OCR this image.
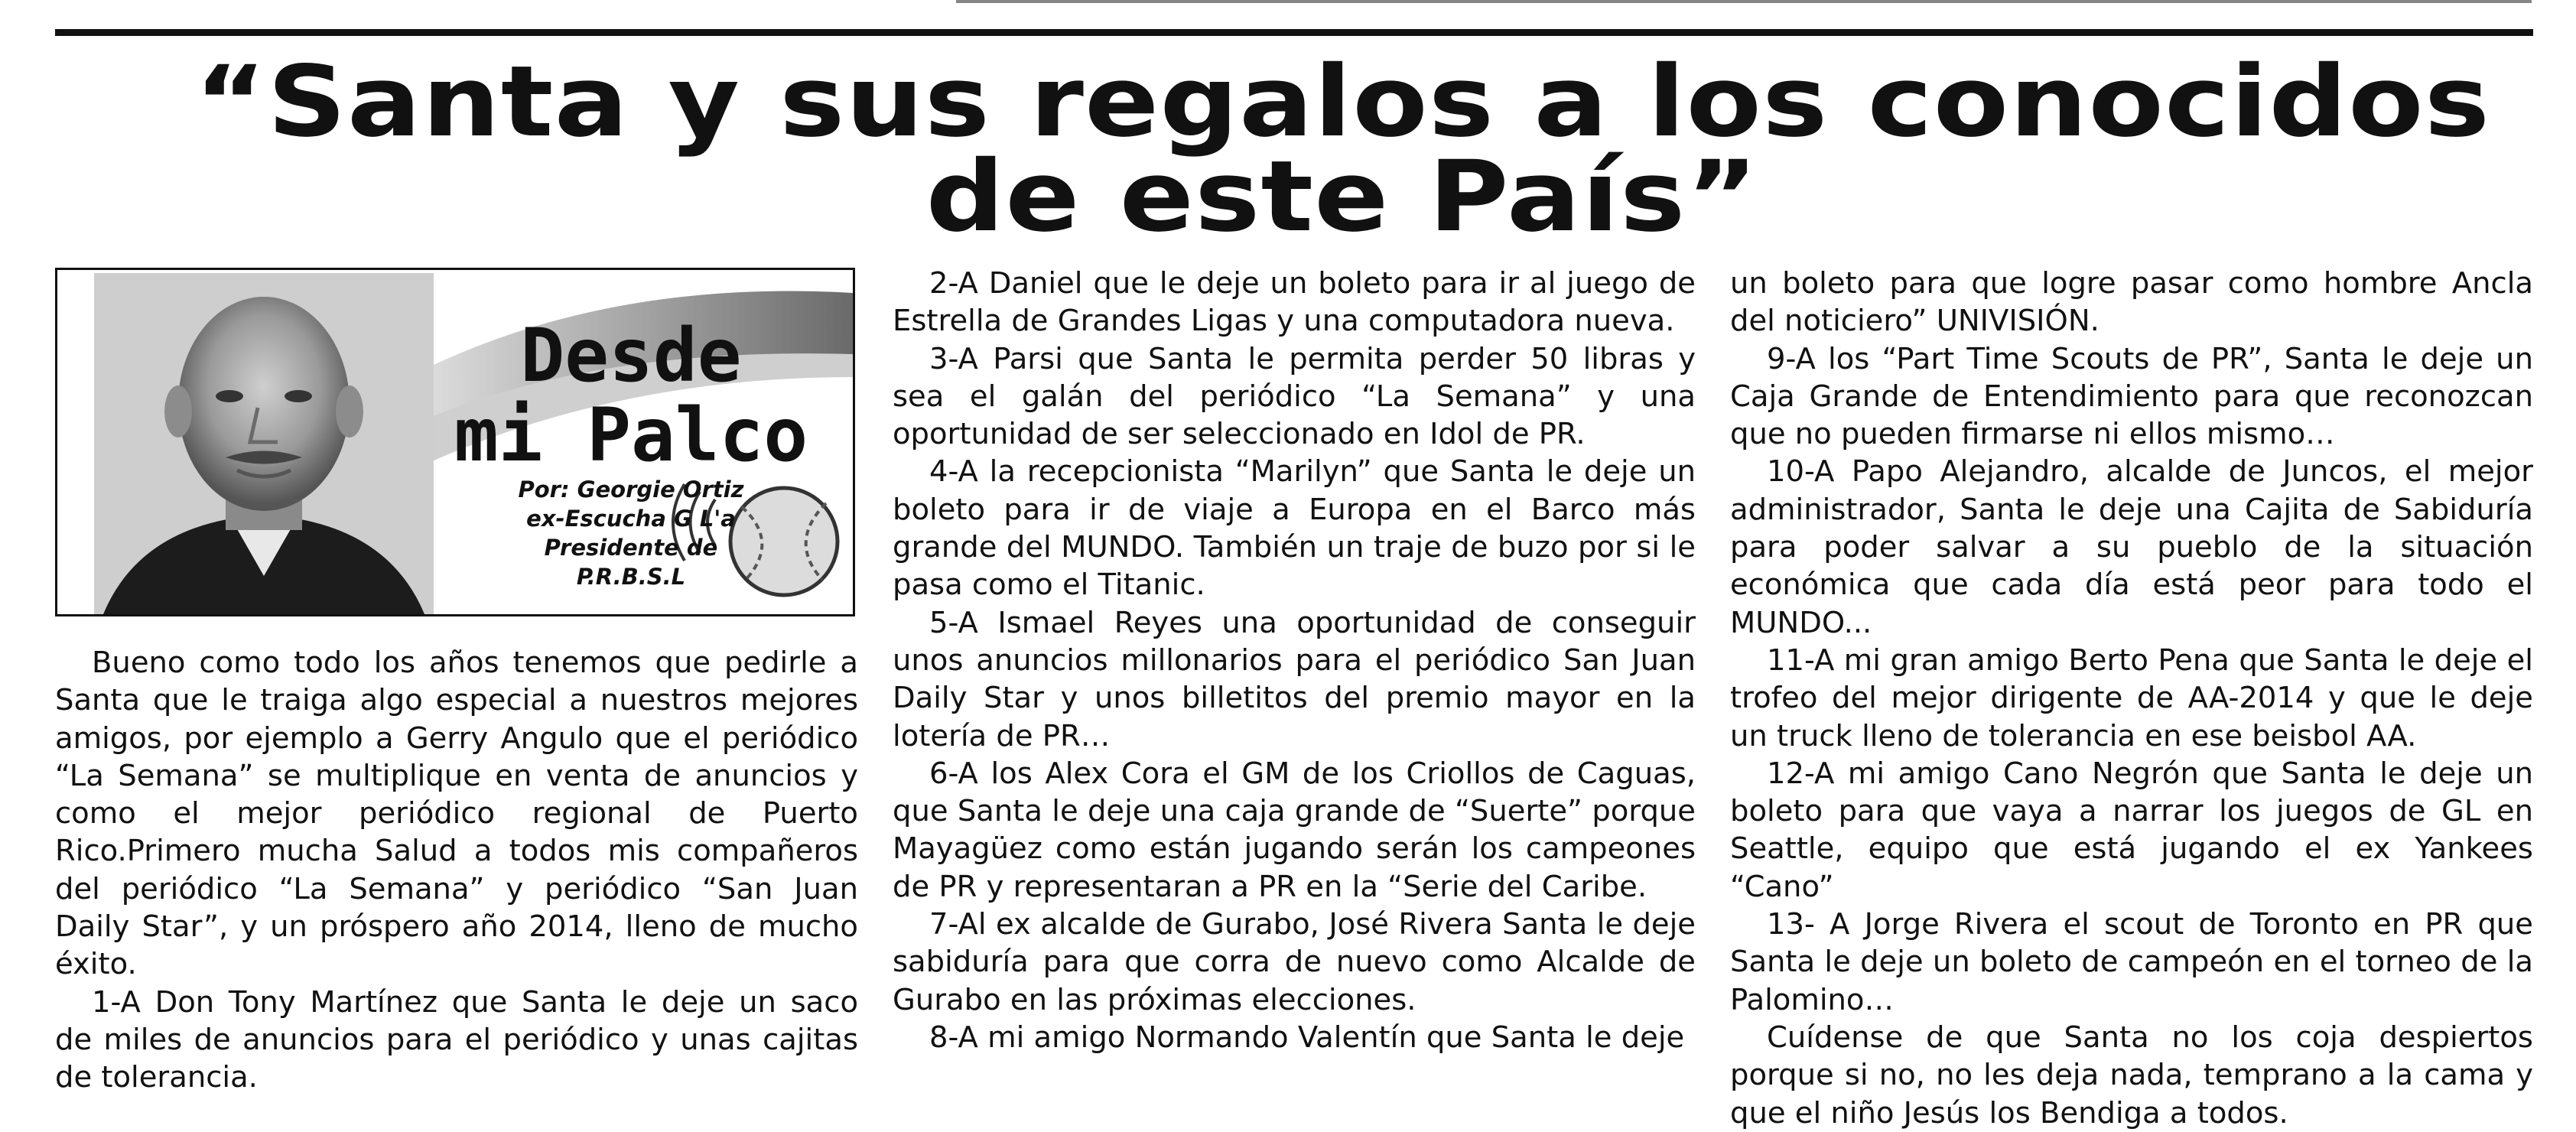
“Santa y sus regalos a los conocidos
de este País”
Desde
mi Palco
Por: Georgie Ortiz
ex-Escucha G L'a
Presidente de
P.R.B.S.L

Bueno como todo los años tenemos que pedirle a Santa que le traiga algo especial a nuestros mejores amigos, por ejemplo a Gerry Angulo que el periódico “La Semana” se multiplique en venta de anuncios y como el mejor periódico regional de Puerto Rico.Primero mucha Salud a todos mis compañeros del periódico “La Semana” y periódico “San Juan Daily Star”, y un próspero año 2014, lleno de mucho éxito.

1-A Don Tony Martínez que Santa le deje un saco de miles de anuncios para el periódico y unas cajitas de tolerancia.

2-A Daniel que le deje un boleto para ir al juego de Estrella de Grandes Ligas y una computadora nueva.

3-A Parsi que Santa le permita perder 50 libras y sea el galán del periódico “La Semana” y una oportunidad de ser seleccionado en Idol de PR.

4-A la recepcionista “Marilyn” que Santa le deje un boleto para ir de viaje a Europa en el Barco más grande del MUNDO. También un traje de buzo por si le pasa como el Titanic.

5-A Ismael Reyes una oportunidad de conseguir unos anuncios millonarios para el periódico San Juan Daily Star y unos billetitos del premio mayor en la lotería de PR…

6-A los Alex Cora el GM de los Criollos de Caguas, que Santa le deje una caja grande de “Suerte” porque Mayagüez como están jugando serán los campeones de PR y representaran a PR en la “Serie del Caribe.

7-Al ex alcalde de Gurabo, José Rivera Santa le deje sabiduría para que corra de nuevo como Alcalde de Gurabo en las próximas elecciones.

8-A mi amigo Normando Valentín que Santa le deje

un boleto para que logre pasar como hombre Ancla del noticiero” UNIVISIÓN.

9-A los “Part Time Scouts de PR”, Santa le deje un Caja Grande de Entendimiento para que reconozcan que no pueden firmarse ni ellos mismo…

10-A Papo Alejandro, alcalde de Juncos, el mejor administrador, Santa le deje una Cajita de Sabiduría para poder salvar a su pueblo de la situación económica que cada día está peor para todo el MUNDO...

11-A mi gran amigo Berto Pena que Santa le deje el trofeo del mejor dirigente de AA-2014 y que le deje un truck lleno de tolerancia en ese beisbol AA.

12-A mi amigo Cano Negrón que Santa le deje un boleto para que vaya a narrar los juegos de GL en Seattle, equipo que está jugando el ex Yankees “Cano”

13- A Jorge Rivera el scout de Toronto en PR que Santa le deje un boleto de campeón en el torneo de la Palomino…

Cuídense de que Santa no los coja despiertos porque si no, no les deja nada, temprano a la cama y que el niño Jesús los Bendiga a todos.
